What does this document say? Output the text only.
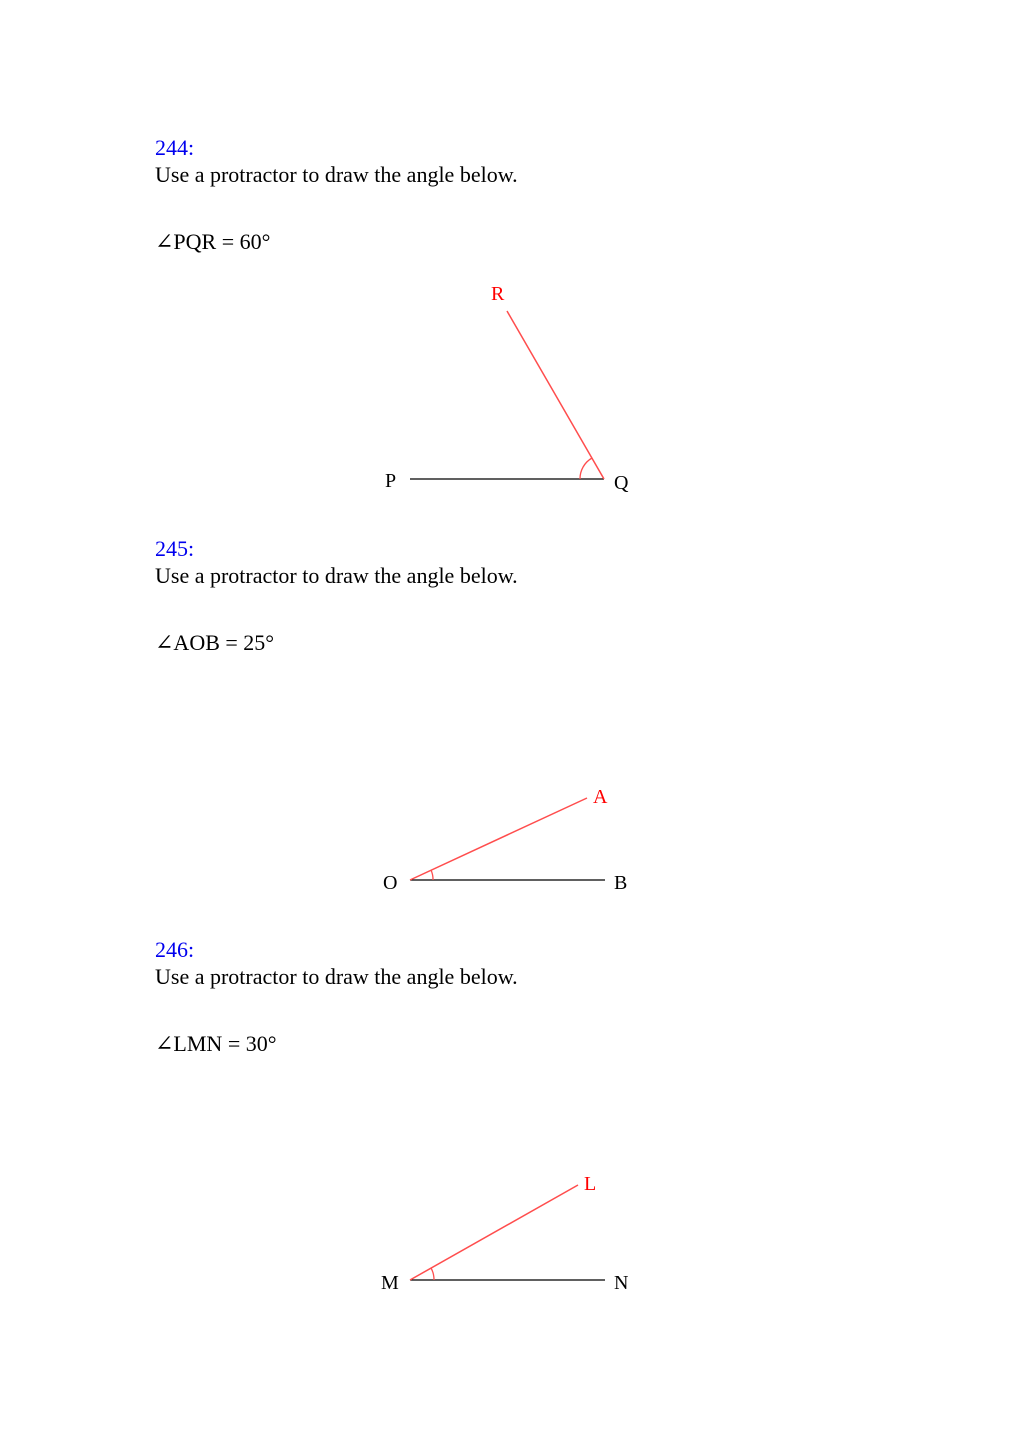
244:
Use a protractor to draw the angle below.
∠PQR = 60°
R
P	Q
A
O	B
L
M	N
245:
Use a protractor to draw the angle below.
∠AOB = 25°
246:
Use a protractor to draw the angle below.
∠LMN = 30°
